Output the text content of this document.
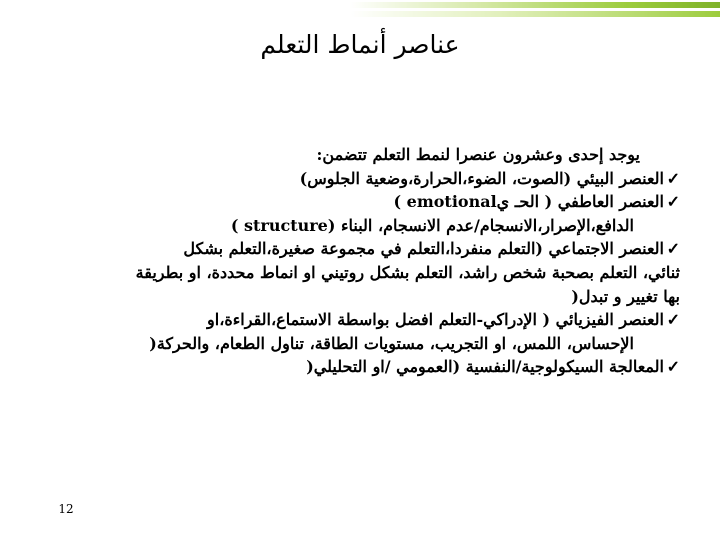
عناصر أنماط التعلم
يوجد إحدى وعشرون عنصرا لنمط التعلم تتضمن:
✓العنصر البيئي (الصوت، الضوء،الحرارة،وضعية الجلوس)
✓العنصر العاطفي ( الحـ يemotional )
الدافع،الإصرار،الانسجام/عدم الانسجام، البناء (structure )
✓العنصر الاجتماعي (التعلم منفردا،التعلم في مجموعة صغيرة،التعلم بشكل
ثنائي، التعلم بصحبة شخص راشد، التعلم بشكل روتيني او انماط محددة، او بطريقة
بها تغيير و تبدل(
✓العنصر الفيزيائي ( الإدراكي-التعلم افضل بواسطة الاستماع،القراءة،او
الإحساس، اللمس، او التجريب، مستويات الطاقة، تناول الطعام، والحركة(
✓المعالجة السيكولوجية/النفسية (العمومي /او التحليلي(
12
